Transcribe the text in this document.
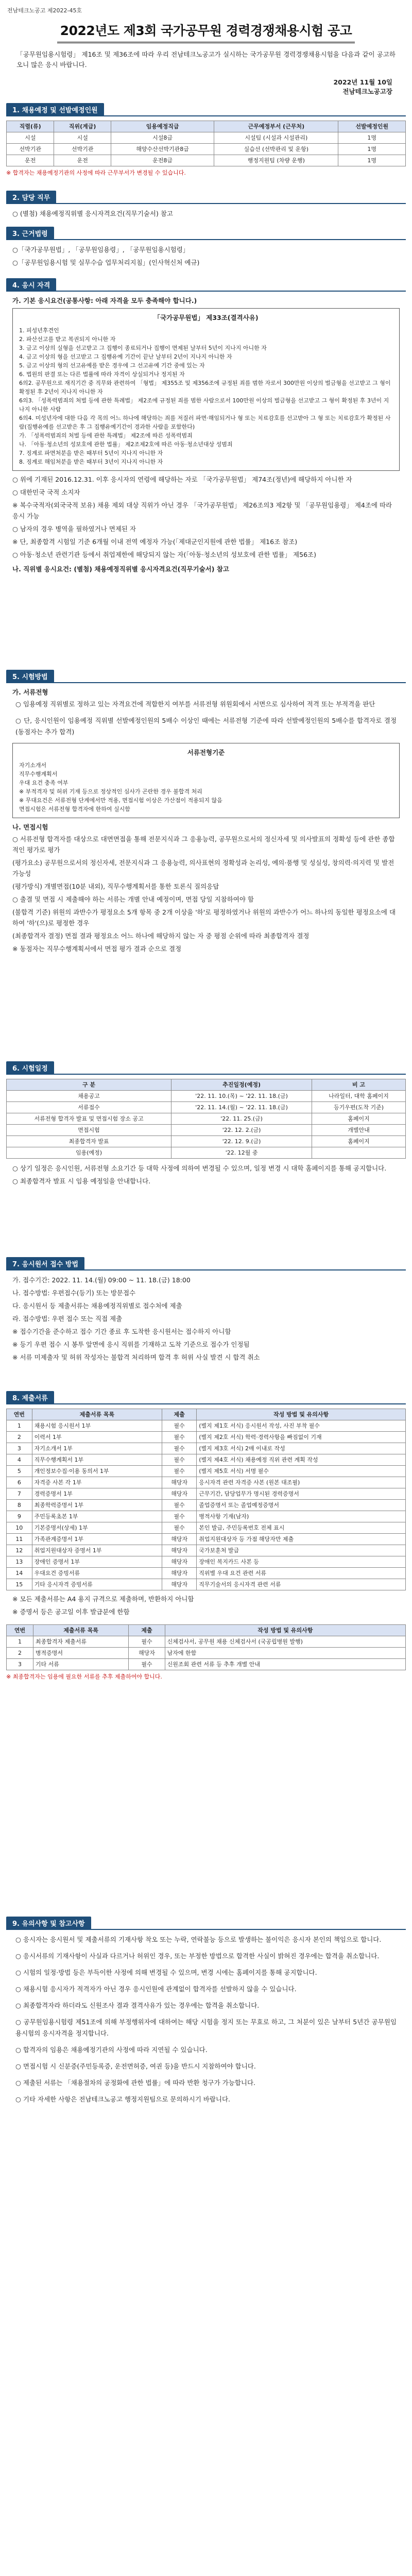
전남테크노공고 제2022-45호
2022년도 제3회 국가공무원 경력경쟁채용시험 공고
「공무원임용시험령」 제16조 및 제36조에 따라 우리 전남테크노공고가 실시하는 국가공무원 경력경쟁채용시험을 다음과 같이 공고하오니 많은 응시 바랍니다.
2022년 11월 10일
전남테크노공고장
1. 채용예정 및 선발예정인원
직렬(류)	직위(계급)	임용예정직급	근무예정부서 (근무처)	선발예정인원
시설	시설	시설8급	시설팀 (시설과 시설관리)	1명
선박기관	선박기관	해양수산선박기관8급	실습선 (선박관리 및 운항)	1명
운전	운전	운전8급	행정지원팀 (차량 운행)	1명
※ 합격자는 채용예정기관의 사정에 따라 근무부서가 변경될 수 있습니다.
2. 담당 직무

○ (별첨) 채용예정직위별 응시자격요건(직무기술서) 참고

3. 근거법령
○「국가공무원법」, 「공무원임용령」, 「공무원임용시험령」
○「공무원임용시험 및 실무수습 업무처리지침」(인사혁신처 예규)
4. 응시 자격
가. 기본 응시요건(공통사항: 아래 자격을 모두 충족해야 합니다.)
「국가공무원법」 제33조(결격사유)
1. 피성년후견인
2. 파산선고를 받고 복권되지 아니한 자
3. 금고 이상의 실형을 선고받고 그 집행이 종료되거나 집행이 면제된 날부터 5년이 지나지 아니한 자
4. 금고 이상의 형을 선고받고 그 집행유예 기간이 끝난 날부터 2년이 지나지 아니한 자
5. 금고 이상의 형의 선고유예를 받은 경우에 그 선고유예 기간 중에 있는 자
6. 법원의 판결 또는 다른 법률에 따라 자격이 상실되거나 정지된 자
6의2. 공무원으로 재직기간 중 직무와 관련하여 「형법」 제355조 및 제356조에 규정된 죄를 범한 자로서 300만원 이상의 벌금형을 선고받고 그 형이 확정된 후 2년이 지나지 아니한 자
6의3. 「성폭력범죄의 처벌 등에 관한 특례법」 제2조에 규정된 죄를 범한 사람으로서 100만원 이상의 벌금형을 선고받고 그 형이 확정된 후 3년이 지나지 아니한 사람
6의4. 미성년자에 대한 다음 각 목의 어느 하나에 해당하는 죄를 저질러 파면·해임되거나 형 또는 치료감호를 선고받아 그 형 또는 치료감호가 확정된 사람(집행유예를 선고받은 후 그 집행유예기간이 경과한 사람을 포함한다)
가. 「성폭력범죄의 처벌 등에 관한 특례법」 제2조에 따른 성폭력범죄
나. 「아동·청소년의 성보호에 관한 법률」 제2조제2호에 따른 아동·청소년대상 성범죄
7. 징계로 파면처분을 받은 때부터 5년이 지나지 아니한 자
8. 징계로 해임처분을 받은 때부터 3년이 지나지 아니한 자
○ 위에 기재된 2016.12.31. 이후 응시자의 연령에 해당하는 자로 「국가공무원법」 제74조(정년)에 해당하지 아니한 자
○ 대한민국 국적 소지자
※ 복수국적자(외국국적 보유) 채용 제외 대상 직위가 아닌 경우 「국가공무원법」 제26조의3 제2항 및 「공무원임용령」 제4조에 따라 응시 가능
○ 남자의 경우 병역을 필하였거나 면제된 자
※ 단, 최종합격 시험일 기준 6개월 이내 전역 예정자 가능(「제대군인지원에 관한 법률」 제16조 참조)
○ 아동·청소년 관련기관 등에서 취업제한에 해당되지 않는 자(「아동·청소년의 성보호에 관한 법률」 제56조)
나. 직위별 응시요건: (별첨) 채용예정직위별 응시자격요건(직무기술서) 참고
5. 시험방법
가. 서류전형

○ 임용예정 직위별로 정하고 있는 자격요건에 적합한지 여부를 서류전형 위원회에서 서면으로 심사하여 적격 또는 부적격을 판단

○ 단, 응시인원이 임용예정 직위별 선발예정인원의 5배수 이상인 때에는 서류전형 기준에 따라 선발예정인원의 5배수를 합격자로 결정(동점자는 추가 합격)

서류전형기준
자기소개서
직무수행계획서
우대 요건 충족 여부
※ 부적격자 및 허위 기재 등으로 정상적인 심사가 곤란한 경우 불합격 처리
※ 무대요건은 서류전형 단계에서만 적용, 면접시험 이상은 가산점이 적용되지 않음
면접시험은 서류전형 합격자에 한하여 실시함
나. 면접시험
○ 서류전형 합격자를 대상으로 대면면접을 통해 전문지식과 그 응용능력, 공무원으로서의 정신자세 및 의사발표의 정확성 등에 관한 종합적인 평가로 평가
(평가요소) 공무원으로서의 정신자세, 전문지식과 그 응용능력, 의사표현의 정확성과 논리성, 예의·품행 및 성실성, 창의력·의지력 및 발전가능성
(평가방식) 개별면접(10분 내외), 직무수행계획서를 통한 토론식 질의응답
○ 출결 및 면접 시 제출해야 하는 서류는 개별 안내 예정이며, 면접 당일 지참하여야 함
(불합격 기준) 위원의 과반수가 평정요소 5개 항목 중 2개 이상을 '하'로 평정하였거나 위원의 과반수가 어느 하나의 동일한 평정요소에 대하여 '하'(으)로 평정한 경우
(최종합격자 결정) 면접 결과 평정요소 어느 하나에 해당하지 않는 자 중 평점 순위에 따라 최종합격자 결정
※ 동점자는 직무수행계획서에서 면접 평가 결과 순으로 결정
6. 시험일정
구 분	추진일정(예정)	비 고
채용공고	'22. 11. 10.(목) ~ '22. 11. 18.(금)	나라일터, 대학 홈페이지
서류접수	'22. 11. 14.(월) ~ '22. 11. 18.(금)	등기우편(도착 기준)
서류전형 합격자 발표 및 면접시험 장소 공고	'22. 11. 25.(금)	홈페이지
면접시험	'22. 12. 2.(금)	개별안내
최종합격자 발표	'22. 12. 9.(금)	홈페이지
임용(예정)	'22. 12월 중	
○ 상기 일정은 응시인원, 서류전형 소요기간 등 대학 사정에 의하여 변경될 수 있으며, 일정 변경 시 대학 홈페이지를 통해 공지합니다.
○ 최종합격자 발표 시 임용 예정일을 안내합니다.
7. 응시원서 접수 방법
가. 접수기간: 2022. 11. 14.(월) 09:00 ~ 11. 18.(금) 18:00
나. 접수방법: 우편접수(등기) 또는 방문접수
다. 응시원서 등 제출서류는 채용예정직위별로 접수처에 제출
라. 접수방법: 우편 접수 또는 직접 제출
※ 접수기간을 준수하고 접수 기간 종료 후 도착한 응시원서는 접수하지 아니함
※ 등기 우편 접수 시 봉투 앞면에 응시 직위를 기재하고 도착 기준으로 접수가 인정됨
※ 서류 미제출자 및 허위 작성자는 불합격 처리하며 합격 후 허위 사실 발견 시 합격 취소
8. 제출서류
연번	제출서류 목록	제출	작성 방법 및 유의사항
1	채용시험 응시원서 1부	필수	(별지 제1호 서식) 응시원서 작성, 사진 부착 필수
2	이력서 1부	필수	(별지 제2호 서식) 학력·경력사항을 빠짐없이 기재
3	자기소개서 1부	필수	(별지 제3호 서식) 2매 이내로 작성
4	직무수행계획서 1부	필수	(별지 제4호 서식) 채용예정 직위 관련 계획 작성
5	개인정보수집·이용 동의서 1부	필수	(별지 제5호 서식) 서명 필수
6	자격증 사본 각 1부	해당자	응시자격 관련 자격증 사본 (원본 대조필)
7	경력증명서 1부	해당자	근무기간, 담당업무가 명시된 경력증명서
8	최종학력증명서 1부	필수	졸업증명서 또는 졸업예정증명서
9	주민등록초본 1부	필수	병적사항 기재(남자)
10	기본증명서(상세) 1부	필수	본인 발급, 주민등록번호 전체 표시
11	가족관계증명서 1부	해당자	취업지원대상자 등 가점 해당자만 제출
12	취업지원대상자 증명서 1부	해당자	국가보훈처 발급
13	장애인 증명서 1부	해당자	장애인 복지카드 사본 등
14	우대요건 증빙서류	해당자	직위별 우대 요건 관련 서류
15	기타 응시자격 증빙서류	해당자	직무기술서의 응시자격 관련 서류
※ 모든 제출서류는 A4 용지 규격으로 제출하며, 반환하지 아니함
※ 증명서 등은 공고일 이후 발급분에 한함
연번	제출서류 목록	제출	작성 방법 및 유의사항
1	최종합격자 제출서류	필수	신체검사서, 공무원 채용 신체검사서 (국공립병원 발행)
2	병적증명서	해당자	남자에 한함
3	기타 서류	필수	신원조회 관련 서류 등 추후 개별 안내
※ 최종합격자는 임용에 필요한 서류를 추후 제출하여야 합니다.
9. 유의사항 및 참고사항

○ 응시자는 응시원서 및 제출서류의 기재사항 착오 또는 누락, 연락불능 등으로 발생하는 불이익은 응시자 본인의 책임으로 합니다.

○ 응시서류의 기재사항이 사실과 다르거나 허위인 경우, 또는 부정한 방법으로 합격한 사실이 밝혀진 경우에는 합격을 취소합니다.

○ 시험의 일정·방법 등은 부득이한 사정에 의해 변경될 수 있으며, 변경 시에는 홈페이지를 통해 공지합니다.

○ 채용시험 응시자가 적격자가 아닌 경우 응시인원에 관계없이 합격자를 선발하지 않을 수 있습니다.

○ 최종합격자라 하더라도 신원조사 결과 결격사유가 있는 경우에는 합격을 취소합니다.

○ 공무원임용시험령 제51조에 의해 부정행위자에 대하여는 해당 시험을 정지 또는 무효로 하고, 그 처분이 있은 날부터 5년간 공무원임용시험의 응시자격을 정지합니다.

○ 합격자의 임용은 채용예정기관의 사정에 따라 지연될 수 있습니다.

○ 면접시험 시 신분증(주민등록증, 운전면허증, 여권 등)을 반드시 지참하여야 합니다.

○ 제출된 서류는 「채용절차의 공정화에 관한 법률」에 따라 반환 청구가 가능합니다.

○ 기타 자세한 사항은 전남테크노공고 행정지원팀으로 문의하시기 바랍니다.
